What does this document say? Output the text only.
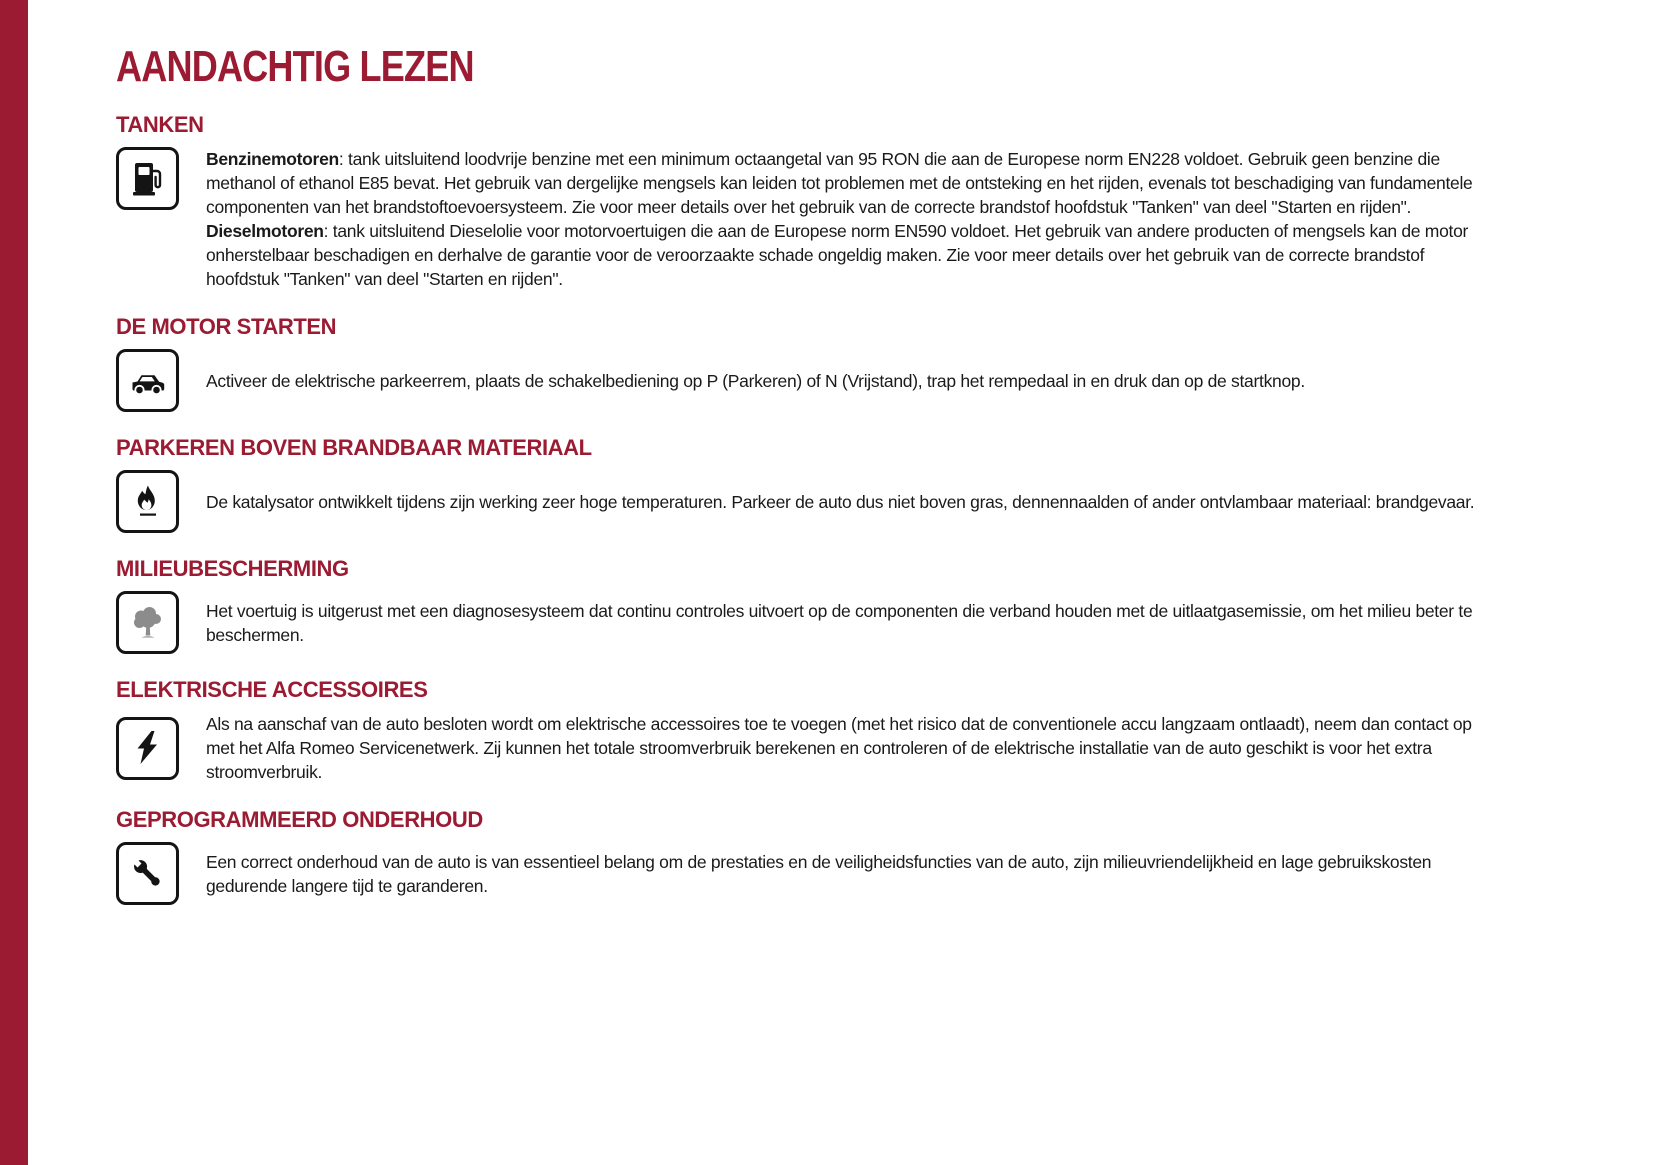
AANDACHTIG LEZEN
TANKEN

Benzinemotoren: tank uitsluitend loodvrije benzine met een minimum octaangetal van 95 RON die aan de Europese norm EN228 voldoet. Gebruik geen benzine die methanol of ethanol E85 bevat. Het gebruik van dergelijke mengsels kan leiden tot problemen met de ontsteking en het rijden, evenals tot beschadiging van fundamentele componenten van het brandstoftoevoersysteem. Zie voor meer details over het gebruik van de correcte brandstof hoofdstuk "Tanken" van deel "Starten en rijden".

Dieselmotoren: tank uitsluitend Dieselolie voor motorvoertuigen die aan de Europese norm EN590 voldoet. Het gebruik van andere producten of mengsels kan de motor onherstelbaar beschadigen en derhalve de garantie voor de veroorzaakte schade ongeldig maken. Zie voor meer details over het gebruik van de correcte brandstof hoofdstuk "Tanken" van deel "Starten en rijden".

DE MOTOR STARTEN

Activeer de elektrische parkeerrem, plaats de schakelbediening op P (Parkeren) of N (Vrijstand), trap het rempedaal in en druk dan op de startknop.

PARKEREN BOVEN BRANDBAAR MATERIAAL

De katalysator ontwikkelt tijdens zijn werking zeer hoge temperaturen. Parkeer de auto dus niet boven gras, dennennaalden of ander ontvlambaar materiaal: brandgevaar.

MILIEUBESCHERMING

Het voertuig is uitgerust met een diagnosesysteem dat continu controles uitvoert op de componenten die verband houden met de uitlaatgasemissie, om het milieu beter te beschermen.

ELEKTRISCHE ACCESSOIRES

Als na aanschaf van de auto besloten wordt om elektrische accessoires toe te voegen (met het risico dat de conventionele accu langzaam ontlaadt), neem dan contact op met het Alfa Romeo Servicenetwerk. Zij kunnen het totale stroomverbruik berekenen en controleren of de elektrische installatie van de auto geschikt is voor het extra stroomverbruik.

GEPROGRAMMEERD ONDERHOUD

Een correct onderhoud van de auto is van essentieel belang om de prestaties en de veiligheidsfuncties van de auto, zijn milieuvriendelijkheid en lage gebruikskosten gedurende langere tijd te garanderen.
